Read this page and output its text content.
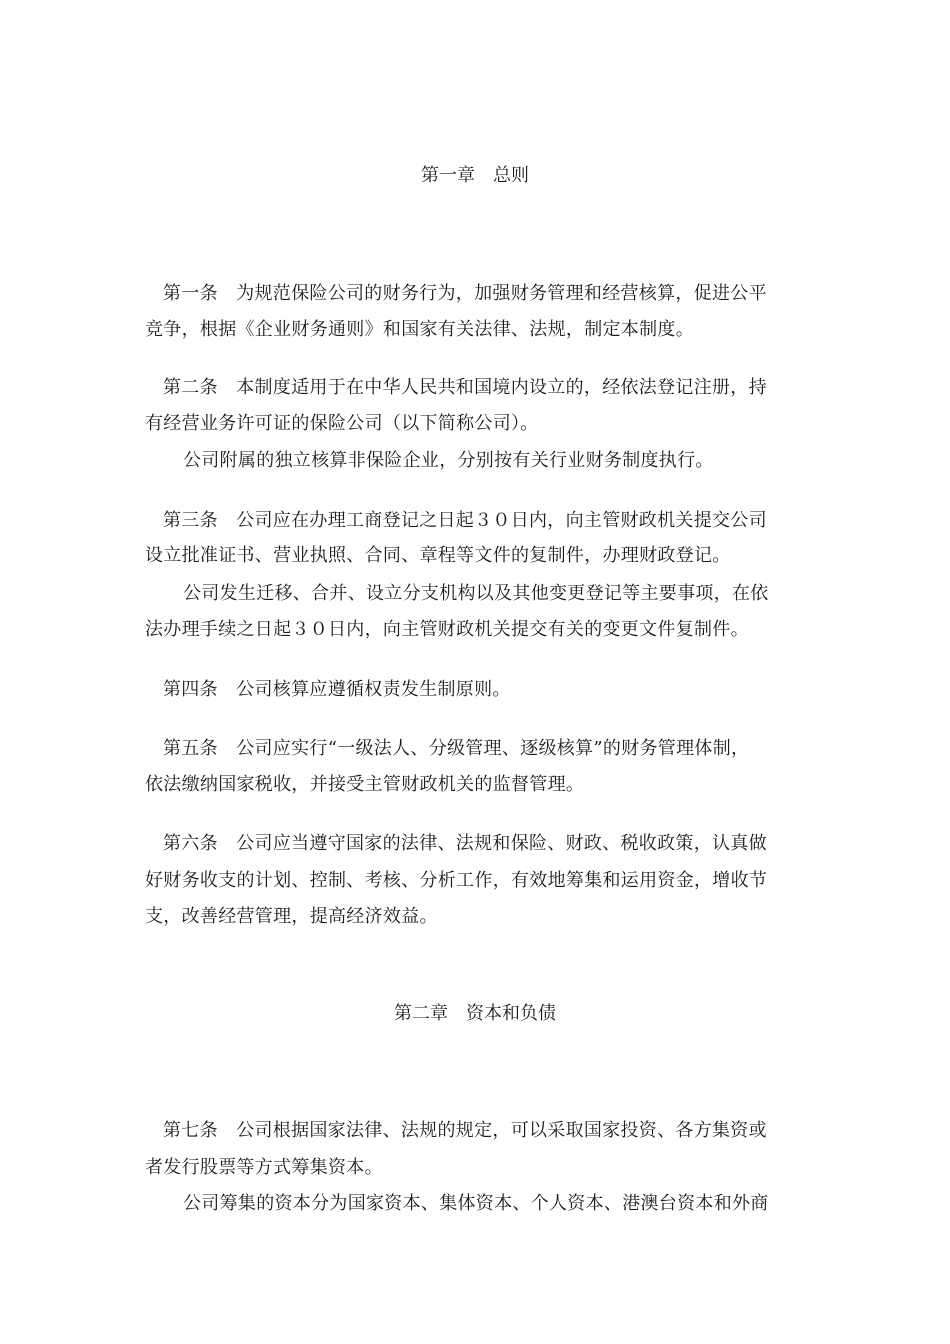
第一章　总则
第一条　为规范保险公司的财务行为，加强财务管理和经营核算，促进公平
竞争，根据《企业财务通则》和国家有关法律、法规，制定本制度。
第二条　本制度适用于在中华人民共和国境内设立的，经依法登记注册，持
有经营业务许可证的保险公司（以下简称公司）。
公司附属的独立核算非保险企业，分别按有关行业财务制度执行。
第三条　公司应在办理工商登记之日起３０日内，向主管财政机关提交公司
设立批准证书、营业执照、合同、章程等文件的复制件，办理财政登记。
公司发生迁移、合并、设立分支机构以及其他变更登记等主要事项，在依
法办理手续之日起３０日内，向主管财政机关提交有关的变更文件复制件。
第四条　公司核算应遵循权责发生制原则。
第五条　公司应实行“一级法人、分级管理、逐级核算”的财务管理体制，
依法缴纳国家税收，并接受主管财政机关的监督管理。
第六条　公司应当遵守国家的法律、法规和保险、财政、税收政策，认真做
好财务收支的计划、控制、考核、分析工作，有效地筹集和运用资金，增收节
支，改善经营管理，提高经济效益。
第二章　资本和负债
第七条　公司根据国家法律、法规的规定，可以采取国家投资、各方集资或
者发行股票等方式筹集资本。
公司筹集的资本分为国家资本、集体资本、个人资本、港澳台资本和外商
